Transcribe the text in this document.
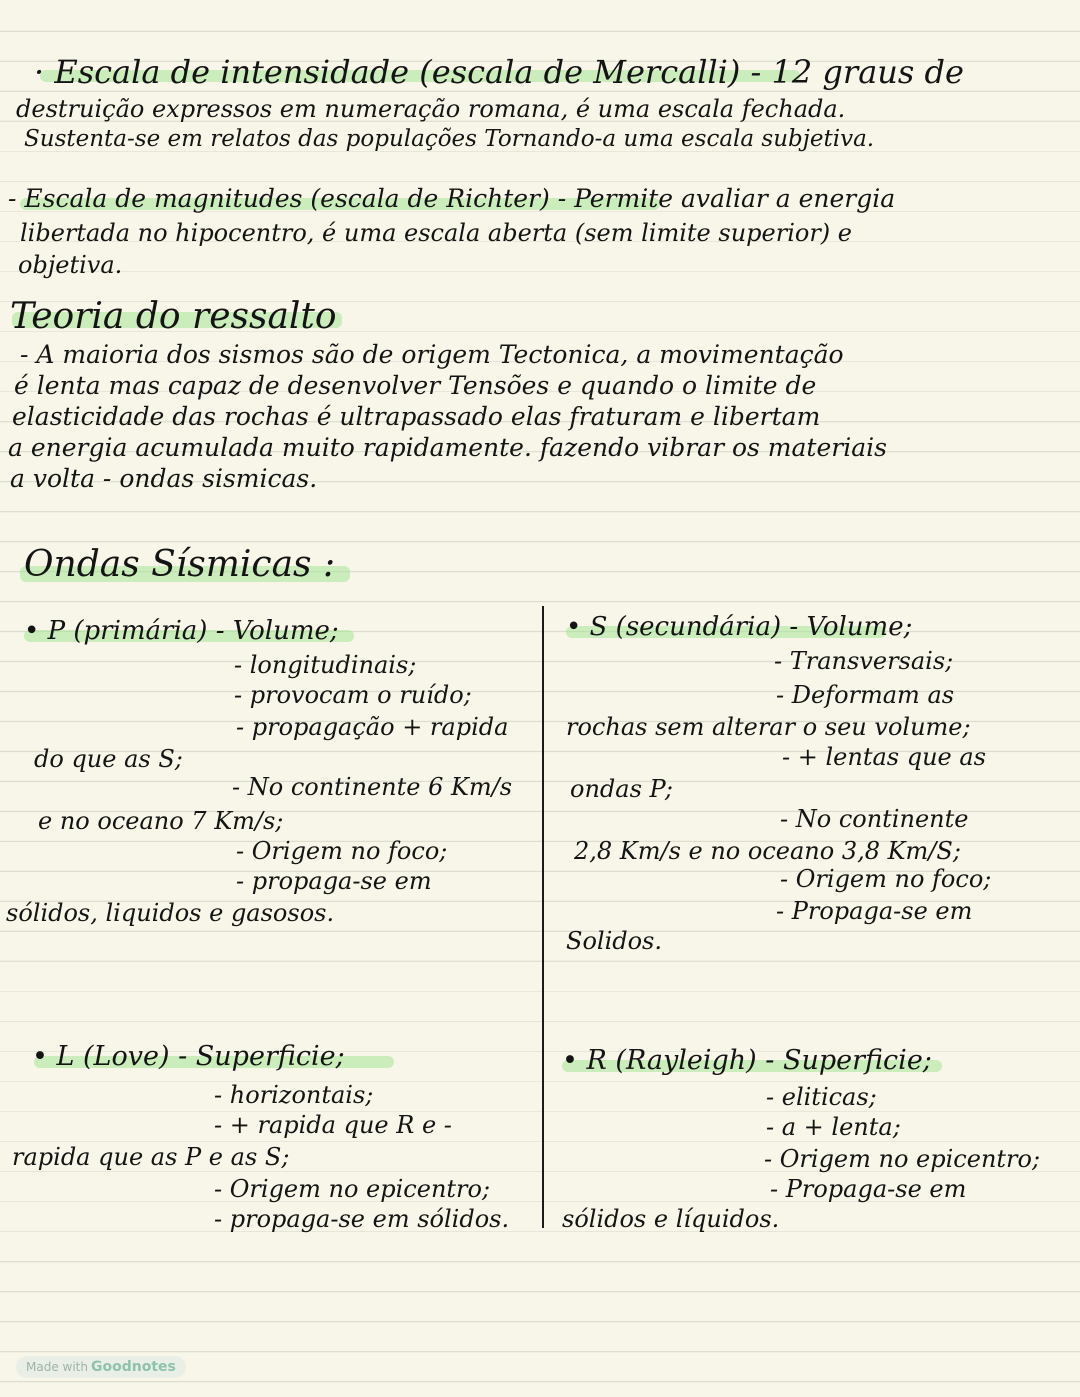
· Escala de intensidade (escala de Mercalli) - 12 graus de
destruição expressos em numeração romana, é uma escala fechada.
Sustenta-se em relatos das populações Tornando-a uma escala subjetiva.
- Escala de magnitudes (escala de Richter) - Permite avaliar a energia
libertada no hipocentro, é uma escala aberta (sem limite superior) e
objetiva.
Teoria do ressalto
- A maioria dos sismos são de origem Tectonica, a movimentação
é lenta mas capaz de desenvolver Tensões e quando o limite de
elasticidade das rochas é ultrapassado elas fraturam e libertam
a energia acumulada muito rapidamente. fazendo vibrar os materiais
a volta - ondas sismicas.
Ondas Sísmicas :
• P (primária) - Volume;
- longitudinais;
- provocam o ruído;
- propagação + rapida
do que as S;
- No continente 6 Km/s
e no oceano 7 Km/s;
- Origem no foco;
- propaga-se em
sólidos, liquidos e gasosos.
• S (secundária) - Volume;
- Transversais;
- Deformam as
rochas sem alterar o seu volume;
- + lentas que as
ondas P;
- No continente
2,8 Km/s e no oceano 3,8 Km/S;
- Origem no foco;
- Propaga-se em
Solidos.
• L (Love) - Superficie;
- horizontais;
- + rapida que R e -
rapida que as P e as S;
- Origem no epicentro;
- propaga-se em sólidos.
• R (Rayleigh) - Superficie;
- eliticas;
- a + lenta;
- Origem no epicentro;
- Propaga-se em
sólidos e líquidos.
Made with Goodnotes
